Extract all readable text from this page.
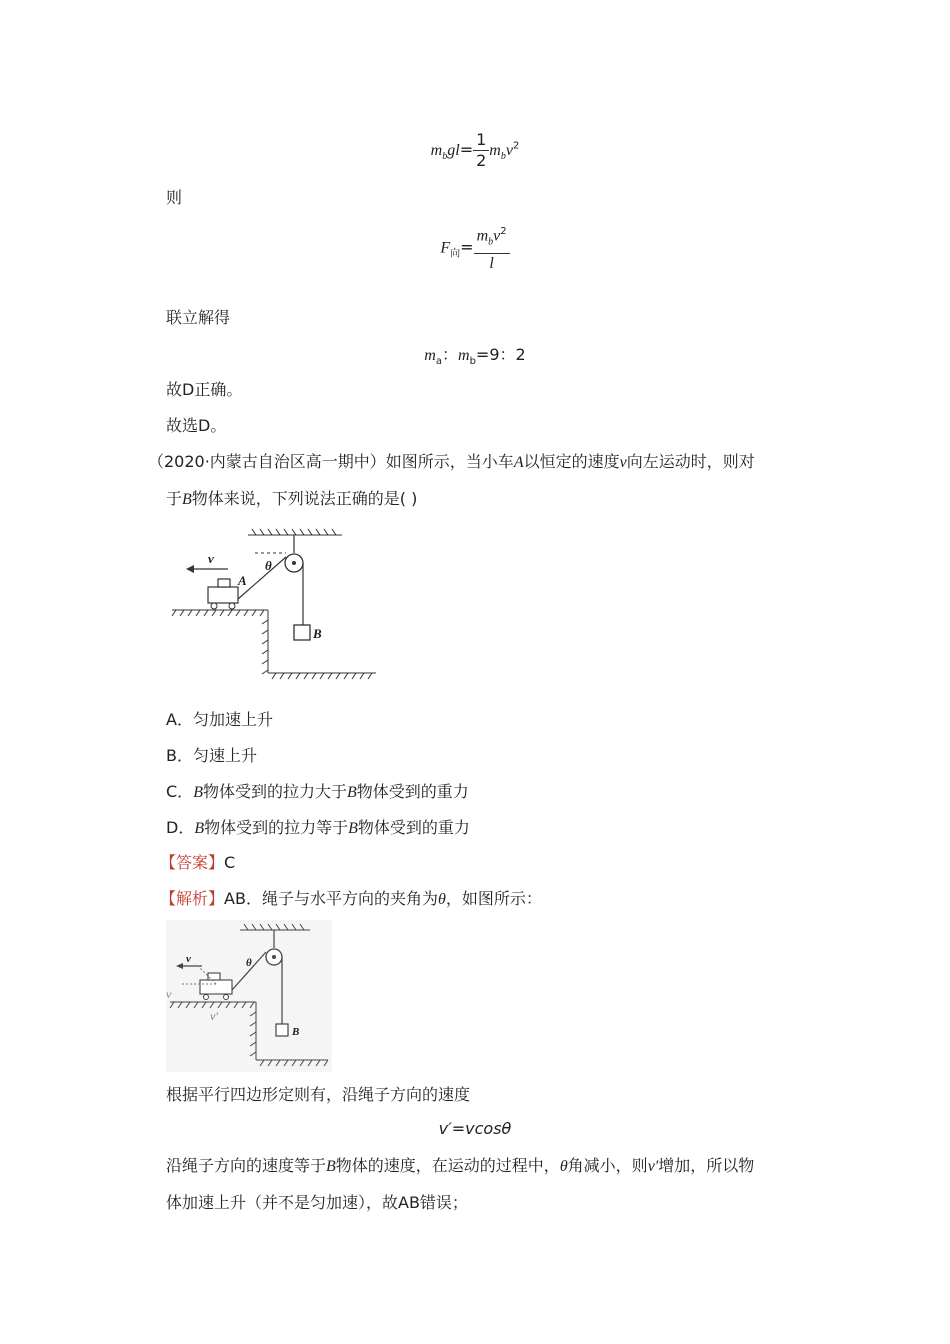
$m_bgl= \frac{1}{2} m_bv^2$
则
$F_向= \frac{m_bv^2}{l}$
联立解得
$m_a$：$m_b=9$：2
故D正确。
故选D。
（2020·内蒙古自治区高一期中）如图所示，当小车A以恒定的速度v向左运动时，则对
于B物体来说，下列说法正确的是( )
B
θ
A
v
A．匀加速上升
B．匀速上升
C．B物体受到的拉力大于B物体受到的重力
D．B物体受到的拉力等于B物体受到的重力
【答案】C
【解析】AB．绳子与水平方向的夹角为θ，如图所示：
B
θ
v
v
v′
根据平行四边形定则有，沿绳子方向的速度
v′=vcosθ
沿绳子方向的速度等于B物体的速度，在运动的过程中，θ角减小，则v′增加，所以物
体加速上升（并不是匀加速），故AB错误；
